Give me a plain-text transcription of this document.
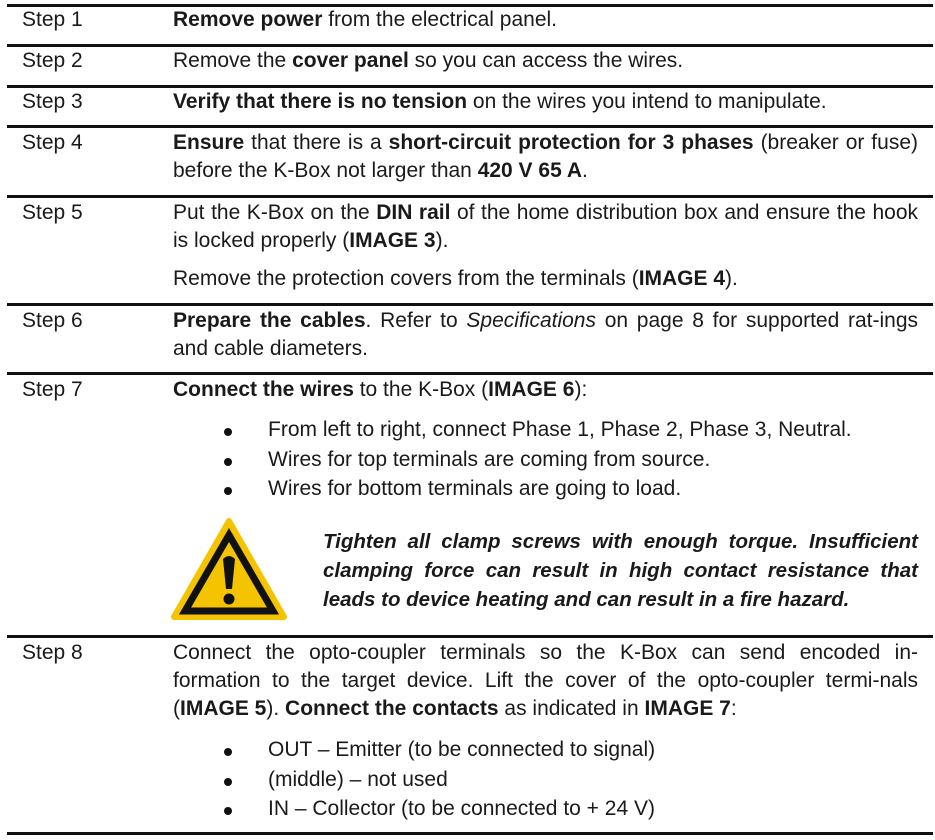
Step 1
Step 2
Step 3
Step 4
Step 5
Step 6
Step 7
Step 8
Remove power from the electrical panel.
Remove the cover panel so you can access the wires.
Verify that there is no tension on the wires you intend to manipulate.
Ensure that there is a short-circuit protection for 3 phases (breaker or fuse) before the K-Box not larger than 420 V 65 A.
Put the K-Box on the DIN rail of the home distribution box and ensure the hook is locked properly (IMAGE 3).
Remove the protection covers from the terminals (IMAGE 4).
Prepare the cables. Refer to Specifications on page 8 for supported rat-ings and cable diameters.
Connect the wires to the K-Box (IMAGE 6):
From left to right, connect Phase 1, Phase 2, Phase 3, Neutral.
Wires for top terminals are coming from source.
Wires for bottom terminals are going to load.
Tighten all clamp screws with enough torque. Insufficient clamping force can result in high contact resistance that leads to device heating and can result in a fire hazard.
Connect the opto-coupler terminals so the K-Box can send encoded in-formation to the target device. Lift the cover of the opto-coupler termi-nals (IMAGE 5). Connect the contacts as indicated in IMAGE 7:
OUT – Emitter (to be connected to signal)
(middle) – not used
IN – Collector (to be connected to + 24 V)
